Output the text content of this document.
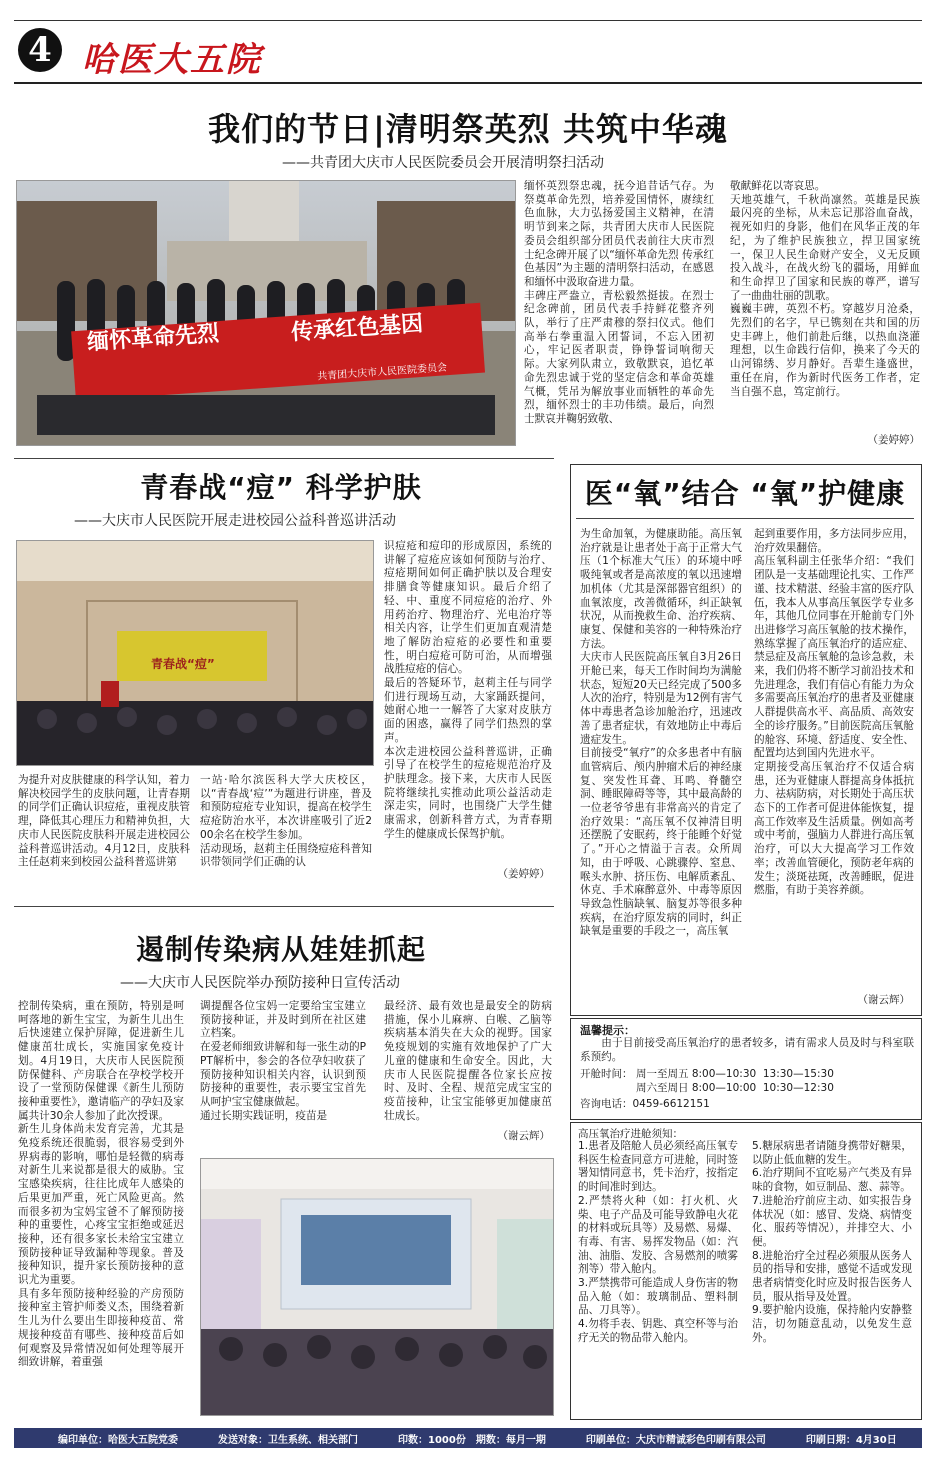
4 哈医大五院
我们的节日|清明祭英烈 共筑中华魂
——共青团大庆市人民医院委员会开展清明祭扫活动
缅怀革命先烈	传承红色基因
共青团大庆市人民医院委员会
缅怀英烈祭忠魂，抚今追昔话气存。为祭奠革命先烈，培养爱国情怀，赓续红色血脉，大力弘扬爱国主义精神，在清明节到来之际，共青团大庆市人民医院委员会组织部分团员代表前往大庆市烈士纪念碑开展了以“缅怀革命先烈 传承红色基因”为主题的清明祭扫活动，在感恩和缅怀中汲取奋进力量。
丰碑庄严盎立，青松毅然挺拔。在烈士纪念碑前，团员代表手持鲜花整齐列队，举行了庄严肃穆的祭扫仪式。他们高举右拳重温入团誓词，不忘入团初心，牢记医者职责，铮铮誓词响彻天际。大家列队肃立，致敬默哀，追忆革命先烈忠诚于党的坚定信念和革命英雄气概，凭吊为解放事业而牺牲的革命先烈，缅怀烈士的丰功伟绩。最后，向烈士默哀并鞠躬致敬、
敬献鲜花以寄哀思。
天地英雄气，千秋尚凛然。英雄是民族最闪亮的坐标，从未忘记那浴血奋战，视死如归的身影，他们在风华正茂的年纪，为了维护民族独立，捍卫国家统一，保卫人民生命财产安全，义无反顾投入战斗，在战火纷飞的疆场，用鲜血和生命捍卫了国家和民族的尊严，谱写了一曲曲壮丽的凯歌。
巍巍丰碑，英烈不朽。穿越岁月沧桑，先烈们的名字，早已镌刻在共和国的历史丰碑上，他们前赴后继，以热血浇灌理想，以生命践行信仰，换来了今天的山河锦绣、岁月静好。吾辈生逢盛世，重任在肩，作为新时代医务工作者，定当自强不息，笃定前行。
（姜婷婷）
青春战“痘” 科学护肤
——大庆市人民医院开展走进校园公益科普巡讲活动
青春战“痘”
为提升对皮肤健康的科学认知，着力解决校园学生的皮肤问题，让青春期的同学们正确认识痘疮，重视皮肤管理，降低其心理压力和精神负担，大庆市人民医院皮肤科开展走进校园公益科普巡讲活动。4月12日，皮肤科主任赵莉来到校园公益科普巡讲第
一站·哈尔滨医科大学大庆校区，以“青春战‘痘’”为题进行讲座，普及和预防痘疮专业知识，提高在校学生痘疮防治水平，本次讲座吸引了近200余名在校学生参加。
活动现场，赵莉主任围绕痘疮科普知识带领同学们正确的认
识痘疮和痘印的形成原因，系统的讲解了痘疮应该如何预防与治疗、痘疮期间如何正确护肤以及合理安排膳食等健康知识。最后介绍了轻、中、重度不同痘疮的治疗、外用药治疗、物理治疗、光电治疗等相关内容，让学生们更加直观清楚地了解防治痘疮的必要性和重要性，明白痘疮可防可治，从而增强战胜痘疮的信心。
最后的答疑环节，赵莉主任与同学们进行现场互动，大家踊跃提问，她耐心地一一解答了大家对皮肤方面的困惑，赢得了同学们热烈的掌声。
本次走进校园公益科普巡讲，正确引导了在校学生的痘疮规范治疗及护肤理念。接下来，大庆市人民医院将继续扎实推动此项公益活动走深走实，同时，也围绕广大学生健康需求，创新科普方式，为青春期学生的健康成长保驾护航。
（姜婷婷）
医“氧”结合 “氧”护健康
为生命加氧，为健康助能。高压氧治疗就是让患者处于高于正常大气压（1个标准大气压）的环境中呼吸纯氧或者是高浓度的氧以迅速增加机体（尤其是深部器官组织）的血氧浓度，改善微循环，纠正缺氧状况，从而挽救生命、治疗疾病、康复、保健和美容的一种特殊治疗方法。
大庆市人民医院高压氧自3月26日开舱已来，每天工作时间均为满舱状态，短短20天已经完成了500多人次的治疗，特别是为12例有害气体中毒患者急诊加舱治疗，迅速改善了患者症状，有效地防止中毒后遗症发生。
目前接受“氧疗”的众多患者中有脑血管病后、颅内肿瘤术后的神经康复、突发性耳聋、耳鸣、脊髓空洞、睡眠障碍等等，其中最高龄的一位老爷爷患有非常高兴的肯定了治疗效果：“高压氧不仅神清目明还摆脱了安眠药，终于能睡个好觉了。”开心之情溢于言表。众所周知，由于呼吸、心跳骤停、窒息、喉头水肿、挤压伤、电解质紊乱、休克、手术麻醉意外、中毒等原因导致急性脑缺氧、脑复苏等很多种疾病，在治疗原发病的同时，纠正缺氧是重要的手段之一，高压氧
起到重要作用，多方法同步应用，治疗效果翻倍。
高压氧科副主任张华介绍：“我们团队是一支基础理论扎实、工作严谨、技术精湛、经验丰富的医疗队伍，我本人从事高压氧医学专业多年，其他几位同事在开舱前专门外出进修学习高压氧舱的技术操作，熟练掌握了高压氧治疗的适应症、禁忌症及高压氧舱的急诊急救，未来，我们仍将不断学习前沿技术和先进理念，我们有信心有能力为众多需要高压氧治疗的患者及亚健康人群提供高水平、高品质、高效安全的诊疗服务。”目前医院高压氧舱的舱容、环境、舒适度、安全性、配置均达到国内先进水平。
定期接受高压氧治疗不仅适合病患，还为亚健康人群提高身体抵抗力、祛病防病，对长期处于高压状态下的工作者可促进体能恢复，提高工作效率及生活质量。例如高考或中考前，强脑力人群进行高压氧治疗，可以大大提高学习工作效率；改善血管硬化，预防老年病的发生；淡斑祛斑，改善睡眠，促进燃脂，有助于美容养颜。
（谢云辉）
温馨提示：
由于目前接受高压氧治疗的患者较多，请有需求人员及时与科室联系预约。
开舱时间： 周一至周五 8:00—10:30  13:30—15:30
周六至周日 8:00—10:00  10:30—12:30
咨询电话：0459-6612151
高压氧治疗进舱须知：
1.患者及陪舱人员必须经高压氧专科医生检查同意方可进舱，同时签署知情同意书，凭卡治疗，按指定的时间准时到达。
2.严禁将火种（如：打火机、火柴、电子产品及可能导致静电火花的材料或玩具等）及易燃、易爆、有毒、有害、易挥发物品（如：汽油、油脂、发胶、含易燃剂的喷雾剂等）带入舱内。
3.严禁携带可能造成人身伤害的物品入舱（如：玻璃制品、塑料制品、刀具等）。
4.勿将手表、钥匙、真空杯等与治疗无关的物品带入舱内。
5.糖尿病患者请随身携带好糖果，以防止低血糖的发生。
6.治疗期间不宜吃易产气类及有异味的食物，如豆制品、葱、蒜等。
7.进舱治疗前应主动、如实报告身体状况（如：感冒、发烧、病情变化、服药等情况），并排空大、小便。
8.进舱治疗全过程必须服从医务人员的指导和安排，感觉不适或发现患者病情变化时应及时报告医务人员，服从指导及处置。
9.要护舱内设施，保持舱内安静整洁，切勿随意乱动，以免发生意外。
遏制传染病从娃娃抓起
——大庆市人民医院举办预防接种日宣传活动
控制传染病，重在预防，特别是呵呵落地的新生宝宝，为新生儿出生后快速建立保护屏障，促进新生儿健康茁壮成长，实施国家免疫计划。4月19日，大庆市人民医院预防保健科、产房联合在孕校学校开设了一堂预防保健课《新生儿预防接种重要性》，邀请临产的孕妇及家属共计30余人参加了此次授课。
新生儿身体尚未发育完善，尤其是免疫系统还很脆弱，很容易受到外界病毒的影响，哪怕是轻微的病毒对新生儿来说都是很大的威胁。宝宝感染疾病，往往比成年人感染的后果更加严重，死亡风险更高。然而很多初为宝妈宝爸不了解预防接种的重要性，心疼宝宝拒绝或延迟接种，还有很多家长未给宝宝建立预防接种证导致漏种等现象。普及接种知识，提升家长预防接种的意识尤为重要。
具有多年预防接种经验的产房预防接种室主管护师娄义杰，围绕着新生儿为什么要出生即接种疫苗、常规接种疫苗有哪些、接种疫苗后如何观察及异常情况如何处理等展开细致讲解，着重强
调提醒各位宝妈一定要给宝宝建立预防接种证，并及时到所在社区建立档案。
在爱老师细致讲解和每一张生动的PPT解析中，参会的各位孕妇收获了预防接种知识相关内容，认识到预防接种的重要性，表示要宝宝首先从呵护宝宝健康做起。
通过长期实践证明，疫苗是
最经济、最有效也是最安全的防病措施，保小儿麻痹、白喉、乙脑等疾病基本消失在大众的视野。国家免疫规划的实施有效地保护了广大儿童的健康和生命安全。因此，大庆市人民医院提醒各位家长应按时、及时、全程、规范完成宝宝的疫苗接种，让宝宝能够更加健康茁壮成长。
（谢云辉）
编印单位：哈医大五院党委	发送对象：卫生系统、相关部门	印数：1000份 期数：每月一期	印刷单位：大庆市精诚彩色印刷有限公司	印刷日期：4月30日
